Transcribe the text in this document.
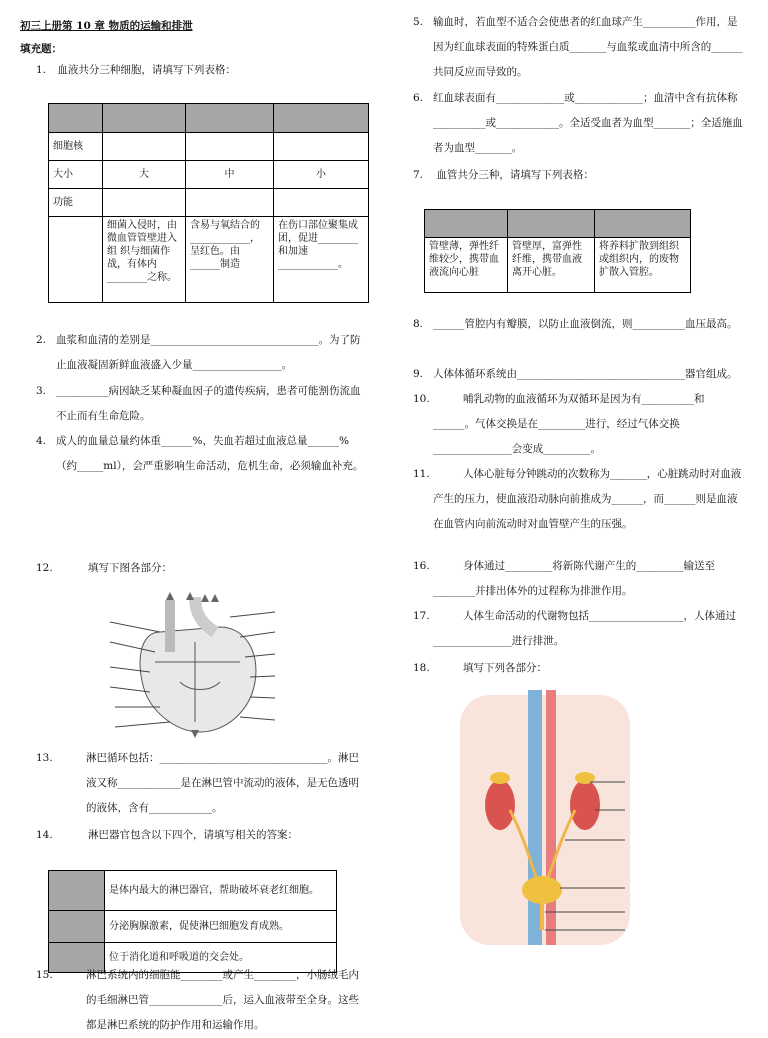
初三上册第 10 章 物质的运输和排泄
填充题：
1. 血液共分三种细胞，请填写下列表格：

细胞核			
大小	大	中	小
功能			
	细菌入侵时，由微血管管壁进入组 织与细菌作战，有体内________之称。	含易与氧结合的____________，呈红色。由______制造	在伤口部位聚集成团，促进________和加速____________。
2. 血浆和血清的差别是________________________________。为了防止血液凝固新鲜血液盛入少量_________________。
3. __________病因缺乏某种凝血因子的遗传疾病，患者可能割伤流血不止而有生命危险。
4. 成人的血量总量约体重______%，失血若超过血液总量______%（约_____ml），会严重影响生命活动，危机生命，必须输血补充。
12.	填写下图各部分：
13.	淋巴循环包括：________________________________。淋巴液又称____________是在淋巴管中流动的液体，是无色透明的液体，含有____________。
14.	淋巴器官包含以下四个，请填写相关的答案：
	是体内最大的淋巴器官，帮助破坏衰老红细胞。
	分泌胸腺激素，促使淋巴细胞发育成熟。
	位于消化道和呼吸道的交会处。
15.	淋巴系统内的细胞能________或产生________，小肠绒毛内的毛细淋巴管______________后，运入血液带至全身。这些都是淋巴系统的防护作用和运输作用。
5. 输血时，若血型不适合会使患者的红血球产生__________作用，是因为红血球表面的特殊蛋白质_______与血浆或血清中所含的______共同反应而导致的。
6. 红血球表面有_____________或_____________；血清中含有抗体称__________或____________。全适受血者为血型_______；全适施血者为血型_______。
7. 血管共分三种，请填写下列表格：

管壁薄，弹性纤维较少，携带血液流向心脏	管壁厚，富弹性纤维，携带血液离开心脏。	将养料扩散到组织或组织内，的废物扩散入管腔。
8. ______管腔内有瓣膜，以防止血液倒流，则__________血压最高。
9. 人体体循环系统由________________________________器官组成。
10.	哺乳动物的血液循环为双循环是因为有__________和______。气体交换是在_________进行，经过气体交换_______________会变成_________。
11.	人体心脏每分钟跳动的次数称为_______，心脏跳动时对血液产生的压力，使血液沿动脉向前推成为______，而______则是血液在血管内向前流动时对血管壁产生的压强。
16.	身体通过_________将新陈代谢产生的_________输送至________并排出体外的过程称为排泄作用。
17.	人体生命活动的代谢物包括__________________，人体通过_______________进行排泄。
18.	填写下列各部分：
